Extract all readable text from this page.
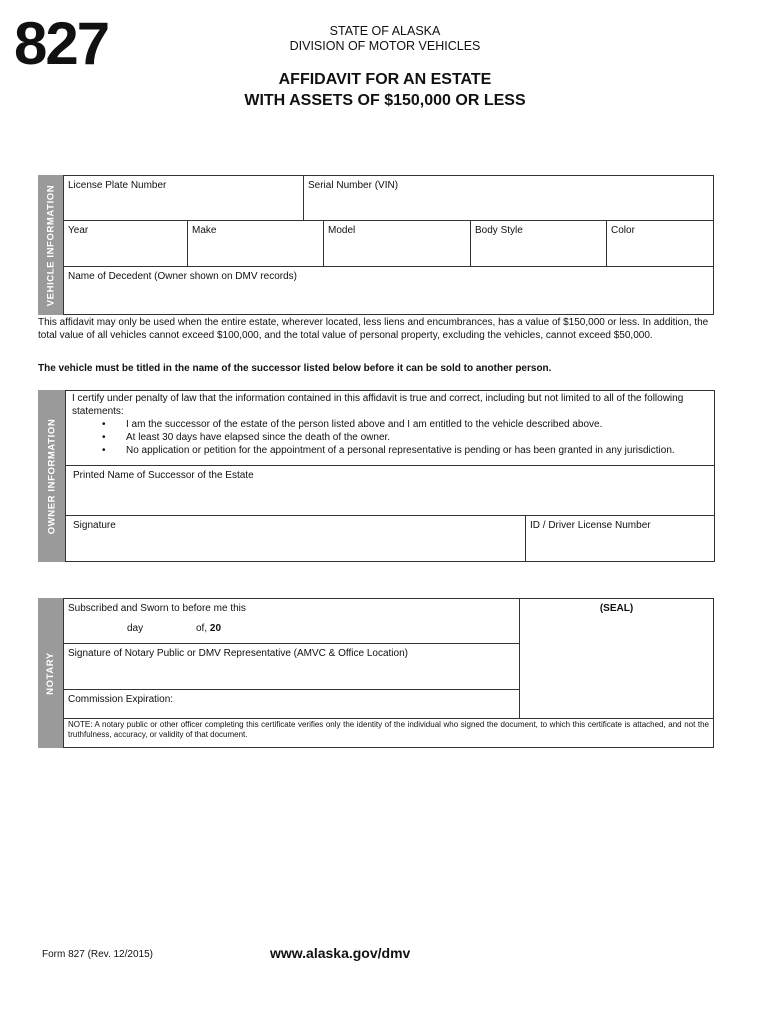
827	STATE OF ALASKA
DIVISION OF MOTOR VEHICLES
AFFIDAVIT FOR AN ESTATE
WITH ASSETS OF $150,000 OR LESS
VEHICLE INFORMATION	License Plate Number	Serial Number (VIN)
Year	Make	Model	Body Style	Color
Name of Decedent (Owner shown on DMV records)
This affidavit may only be used when the entire estate, wherever located, less liens and encumbrances, has a value of $150,000 or less. In addition, the total value of all vehicles cannot exceed $100,000, and the total value of personal property, excluding the vehicles, cannot exceed $50,000.
The vehicle must be titled in the name of the successor listed below before it can be sold to another person.
OWNER INFORMATION
I certify under penalty of law that the information contained in this affidavit is true and correct, including but not limited to all of the following statements:
• I am the successor of the estate of the person listed above and I am entitled to the vehicle described above.
• At least 30 days have elapsed since the death of the owner.
• No application or petition for the appointment of a personal representative is pending or has been granted in any jurisdiction.
Printed Name of Successor of the Estate
Signature	ID / Driver License Number
NOTARY
Subscribed and Sworn to before me this
day	of, 20
(SEAL)
Signature of Notary Public or DMV Representative (AMVC & Office Location)
Commission Expiration:
NOTE: A notary public or other officer completing this certificate verifies only the identity of the individual who signed the document, to which this certificate is attached, and not the truthfulness, accuracy, or validity of that document.
Form 827 (Rev. 12/2015)	www.alaska.gov/dmv
